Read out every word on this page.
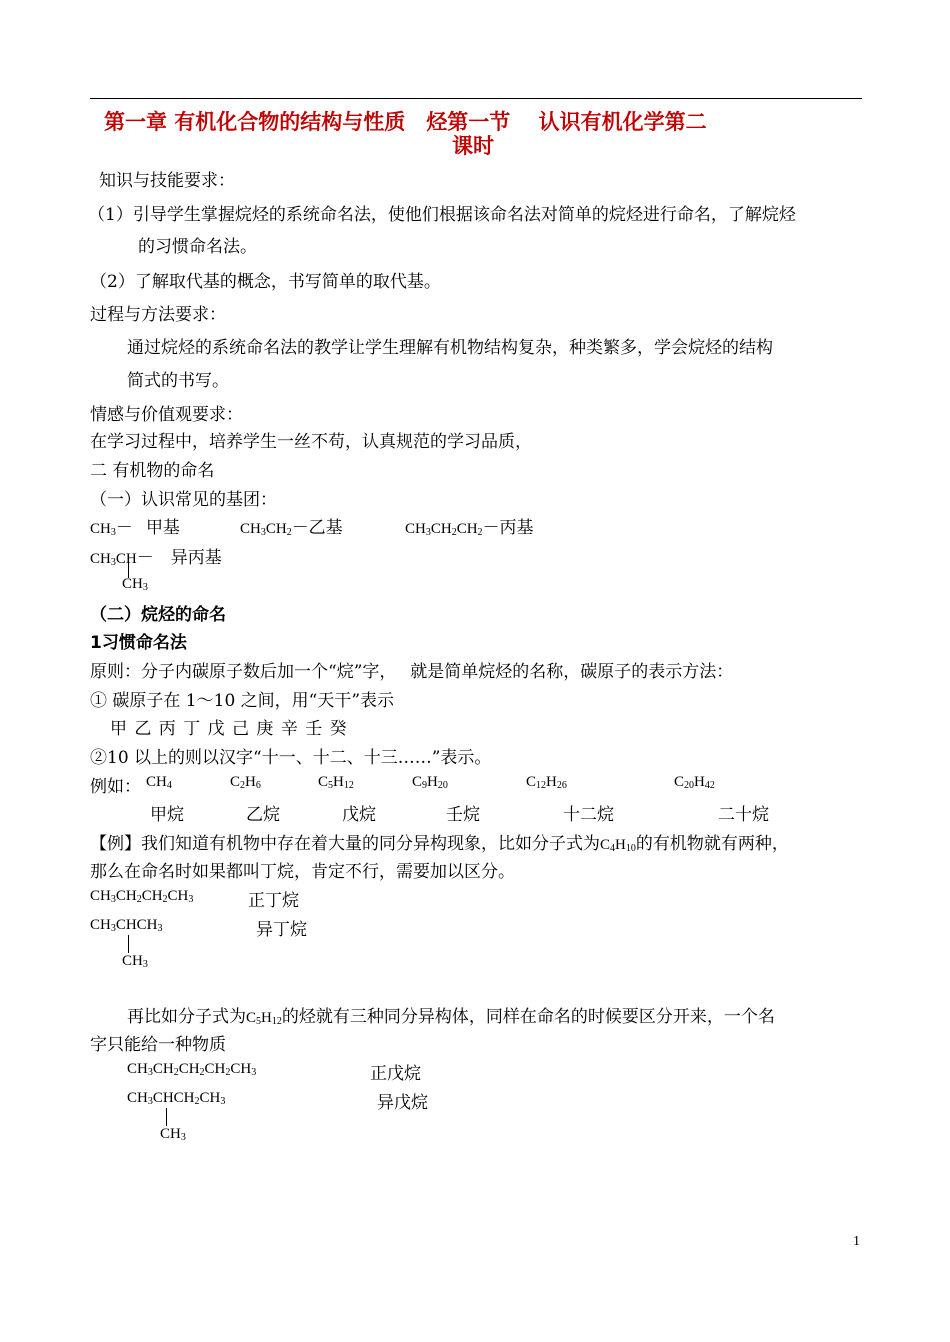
第一章 有机化合物的结构与性质　烃第一节　 认识有机化学第二
课时
知识与技能要求：
（1）引导学生掌握烷烃的系统命名法，使他们根据该命名法对简单的烷烃进行命名，了解烷烃
的习惯命名法。
（2）了解取代基的概念，书写简单的取代基。
过程与方法要求：
通过烷烃的系统命名法的教学让学生理解有机物结构复杂，种类繁多，学会烷烃的结构
简式的书写。
情感与价值观要求：
在学习过程中，培养学生一丝不苟，认真规范的学习品质，
二 有机物的命名
（一）认识常见的基团：
$CH_3-$ 甲基	$CH_3CH_2-$乙基	$CH_3CH_2CH_2-$丙基
$CH_3CH-$ 异丙基
$CH_3$
（二）烷烃的命名
1习惯命名法
原则：分子内碳原子数后加一个“烷”字，　 就是简单烷烃的名称，碳原子的表示方法：
① 碳原子在 1～10 之间，用“天干”表示
甲 乙 丙 丁 戊 己 庚 辛 壬 癸
②10 以上的则以汉字“十一、十二、十三……”表示。
例如： $CH_4$	$C_2H_6$	$C_5H_{12}$	$C_9H_{20}$	$C_{12}H_{26}$	$C_{20}H_{42}$
甲烷	乙烷	戊烷	壬烷	十二烷	二十烷
【例】我们知道有机物中存在着大量的同分异构现象，比如分子式为$C_4H_{10}$的有机物就有两种，
那么在命名时如果都叫丁烷，肯定不行，需要加以区分。
$CH_3CH_2CH_2CH_3$	正丁烷
$CH_3CHCH_3$	异丁烷
$CH_3$
再比如分子式为$C_5H_{12}$的烃就有三种同分异构体，同样在命名的时候要区分开来，一个名
字只能给一种物质
$CH_3CH_2CH_2CH_2CH_3$	正戊烷
$CH_3CHCH_2CH_3$	异戊烷
$CH_3$
1
